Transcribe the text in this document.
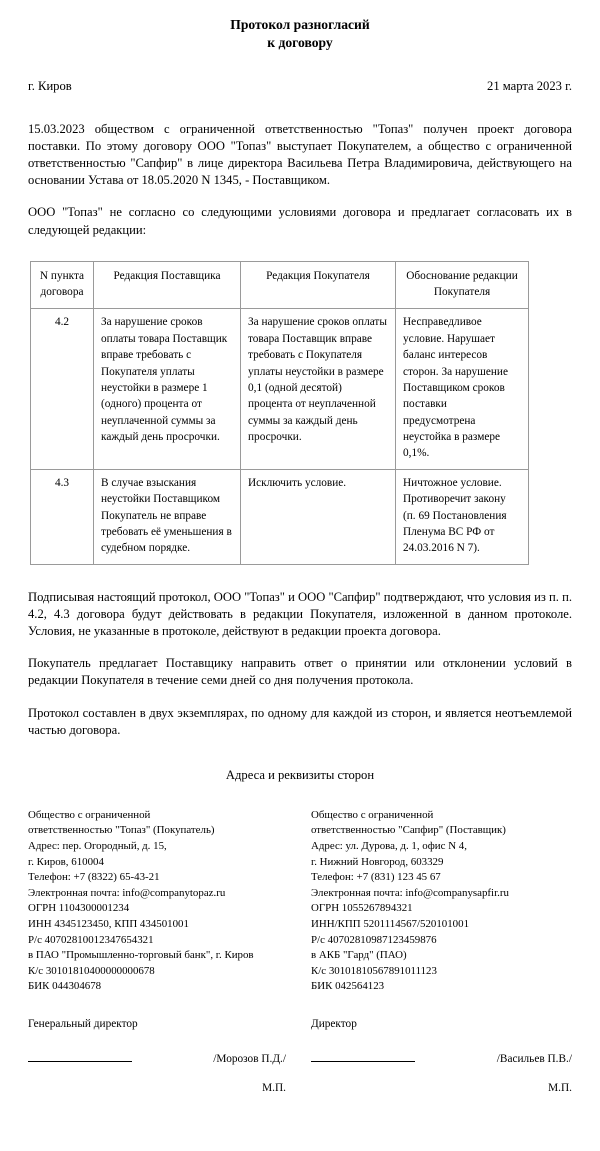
Протокол разногласий
к договору
г. Киров	21 марта 2023 г.

15.03.2023 обществом с ограниченной ответственностью "Топаз" получен проект договора поставки. По этому договору ООО "Топаз" выступает Покупателем, а общество с ограниченной ответственностью "Сапфир" в лице директора Васильева Петра Владимировича, действующего на основании Устава от 18.05.2020 N 1345, - Поставщиком.

ООО "Топаз" не согласно со следующими условиями договора и предлагает согласовать их в следующей редакции:

N пункта договора	Редакция Поставщика	Редакция Покупателя	Обоснование редакции Покупателя
4.2	За нарушение сроков оплаты товара Поставщик вправе требовать с Покупателя уплаты неустойки в размере 1 (одного) процента от неуплаченной суммы за каждый день просрочки.	За нарушение сроков оплаты товара Поставщик вправе требовать с Покупателя уплаты неустойки в размере 0,1 (одной десятой) процента от неуплаченной суммы за каждый день просрочки.	Несправедливое условие. Нарушает баланс интересов сторон. За нарушение Поставщиком сроков поставки предусмотрена неустойка в размере 0,1%.
4.3	В случае взыскания неустойки Поставщиком Покупатель не вправе требовать её уменьшения в судебном порядке.	Исключить условие.	Ничтожное условие. Противоречит закону (п. 69 Постановления Пленума ВС РФ от 24.03.2016 N 7).

Подписывая настоящий протокол, ООО "Топаз" и ООО "Сапфир" подтверждают, что условия из п. п. 4.2, 4.3 договора будут действовать в редакции Покупателя, изложенной в данном протоколе. Условия, не указанные в протоколе, действуют в редакции проекта договора.

Покупатель предлагает Поставщику направить ответ о принятии или отклонении условий в редакции Покупателя в течение семи дней со дня получения протокола.

Протокол составлен в двух экземплярах, по одному для каждой из сторон, и является неотъемлемой частью договора.

Адреса и реквизиты сторон
Общество с ограниченной
ответственностью "Топаз" (Покупатель)
Адрес: пер. Огородный, д. 15,
г. Киров, 610004
Телефон: +7 (8322) 65-43-21
Электронная почта: info@companytopaz.ru
ОГРН 1104300001234
ИНН 4345123450, КПП 434501001
Р/с 40702810012347654321
в ПАО "Промышленно-торговый банк", г. Киров
К/с 30101810400000000678
БИК 044304678
Общество с ограниченной
ответственностью "Сапфир" (Поставщик)
Адрес: ул. Дурова, д. 1, офис N 4,
г. Нижний Новгород, 603329
Телефон: +7 (831) 123 45 67
Электронная почта: info@companysapfir.ru
ОГРН 1055267894321
ИНН/КПП 5201114567/520101001
Р/с 40702810987123459876
в АКБ "Гард" (ПАО)
К/с 30101810567891011123
БИК 042564123
Генеральный директор	Директор
/Морозов П.Д./	/Васильев П.В./
М.П.	М.П.
